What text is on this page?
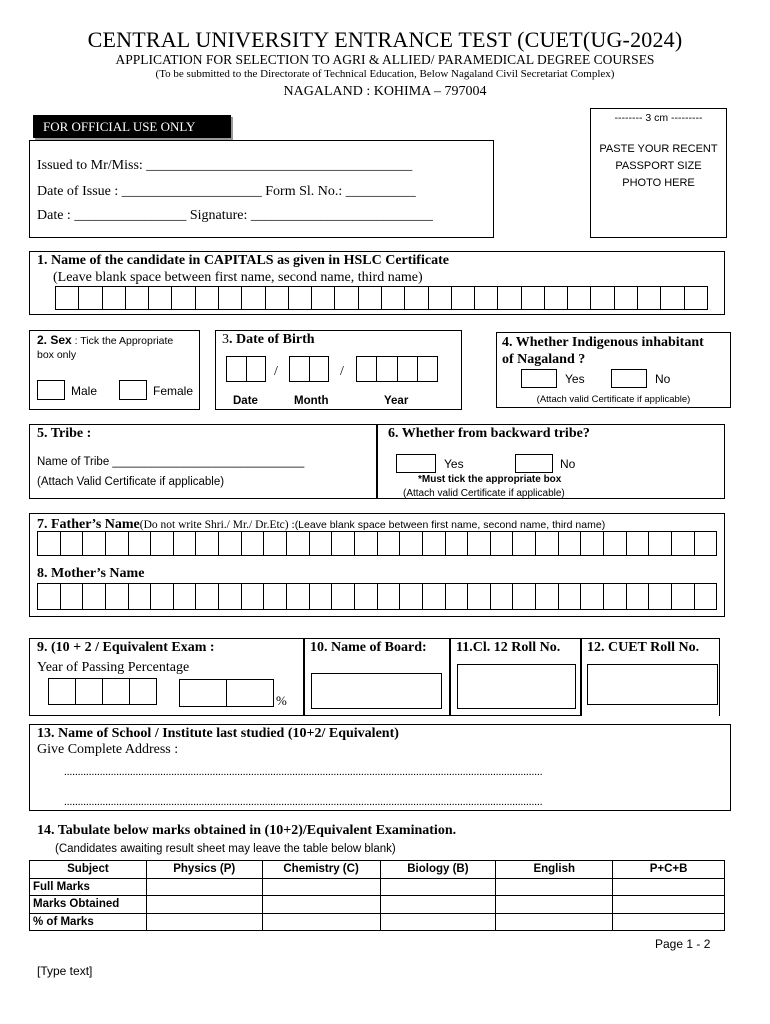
CENTRAL UNIVERSITY ENTRANCE TEST (CUET(UG-2024)
APPLICATION FOR SELECTION TO AGRI & ALLIED/ PARAMEDICAL DEGREE COURSES
(To be submitted to the Directorate of Technical Education, Below Nagaland Civil Secretariat Complex)
NAGALAND : KOHIMA – 797004
FOR OFFICIAL USE ONLY
Issued to Mr/Miss: ______________________________________
Date of Issue : ____________________ Form Sl. No.: __________
Date : ________________ Signature: __________________________
-------- 3 cm ---------
PASTE YOUR RECENT
PASSPORT SIZE
PHOTO HERE
1. Name of the candidate in CAPITALS as given in HSLC Certificate
(Leave blank space between first name, second name, third name)
2. Sex : Tick the Appropriate
box only
Male	Female
3. Date of Birth
/	/
Date	Month	Year
4. Whether Indigenous inhabitant
of Nagaland ?
Yes	No
(Attach valid Certificate if applicable)
5. Tribe :
Name of Tribe ______________________________
(Attach Valid Certificate if applicable)
6. Whether from backward tribe?
Yes	No
*Must tick the appropriate box
(Attach valid Certificate if applicable)
7. Father’s Name(Do not write Shri./ Mr./ Dr.Etc) :(Leave blank space between first name, second name, third name)
8. Mother’s Name
9. (10 + 2 / Equivalent Exam :
Year of Passing Percentage
%
10. Name of Board: 11.Cl. 12 Roll No. 12. CUET Roll No.
13. Name of School / Institute last studied (10+2/ Equivalent)
Give Complete Address :
..............................................................................................................................................................................
..............................................................................................................................................................................
14. Tabulate below marks obtained in (10+2)/Equivalent Examination.
(Candidates awaiting result sheet may leave the table below blank)
Subject	Physics (P)	Chemistry (C)	Biology (B)	English	P+C+B
Full Marks					
Marks Obtained					
% of Marks					
Page 1 - 2
[Type text]
